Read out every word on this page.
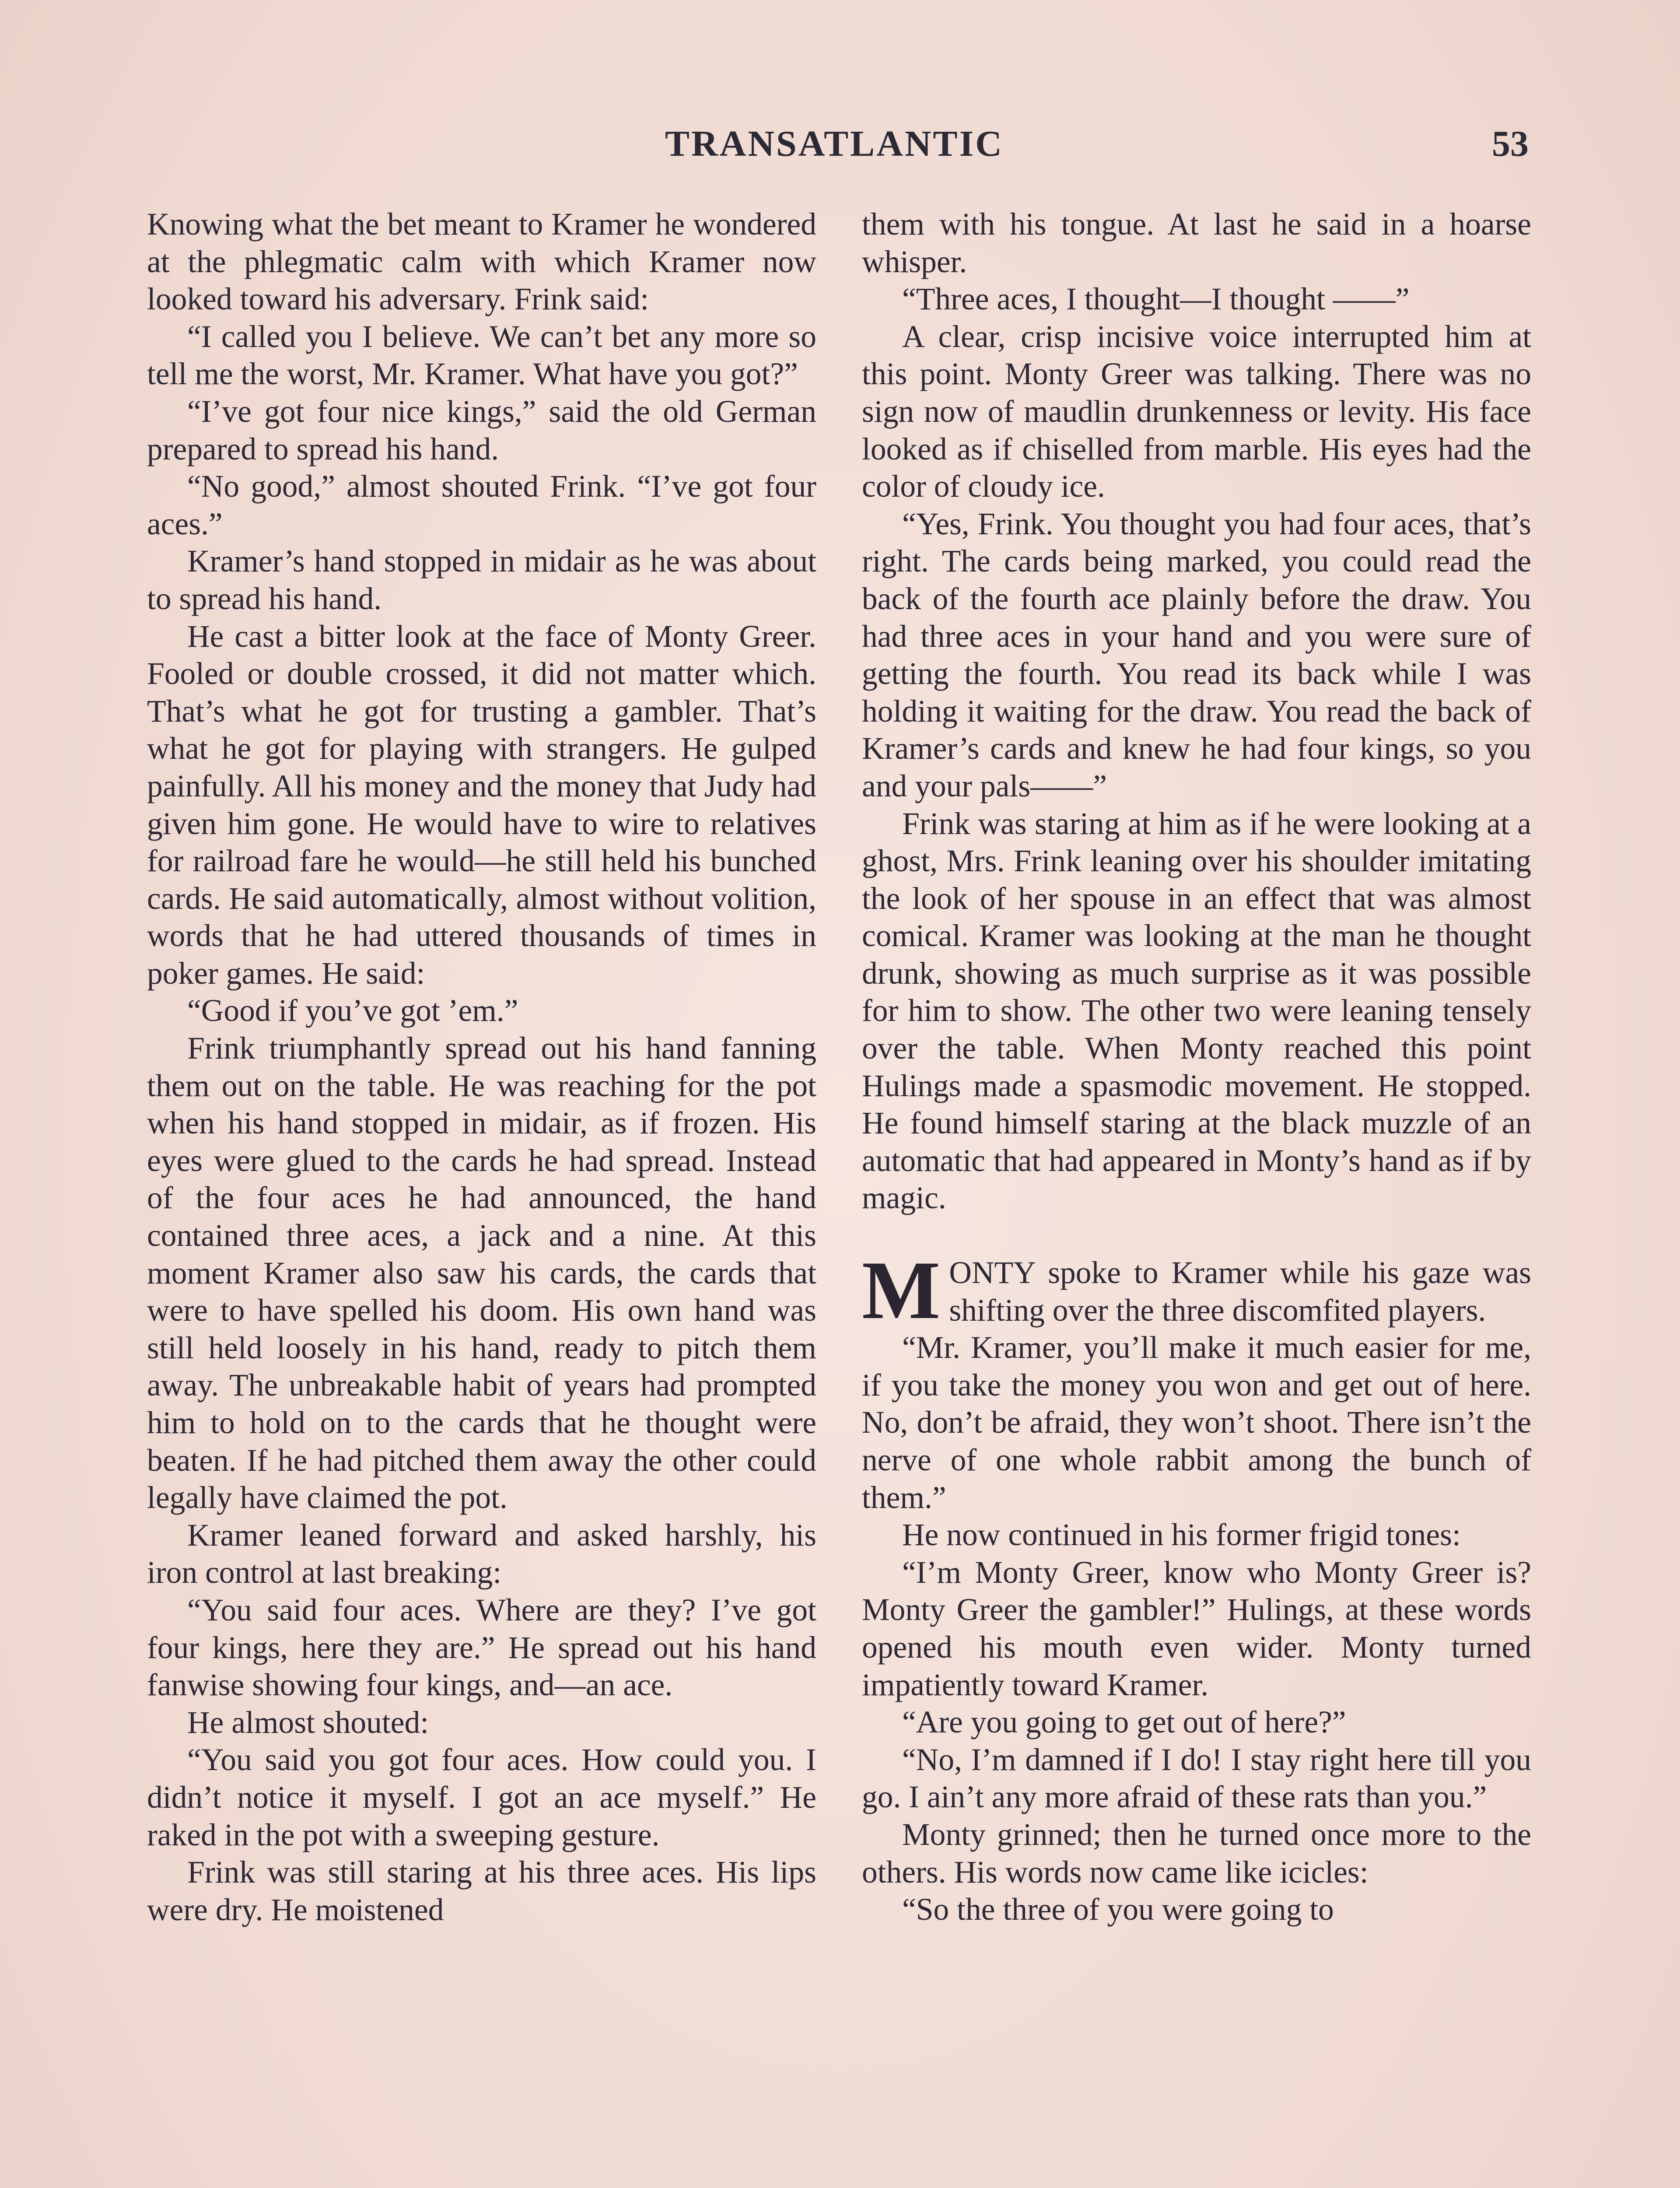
TRANSATLANTIC	53

Knowing what the bet meant to Kramer he wondered at the phlegmatic calm with which Kramer now looked toward his adversary. Frink said:

“I called you I believe. We can’t bet any more so tell me the worst, Mr. Kramer. What have you got?”

“I’ve got four nice kings,” said the old German prepared to spread his hand.

“No good,” almost shouted Frink. “I’ve got four aces.”

Kramer’s hand stopped in midair as he was about to spread his hand.

He cast a bitter look at the face of Monty Greer. Fooled or double crossed, it did not matter which. That’s what he got for trusting a gambler. That’s what he got for playing with strangers. He gulped painfully. All his money and the money that Judy had given him gone. He would have to wire to relatives for railroad fare he would—he still held his bunched cards. He said automatically, almost without volition, words that he had uttered thousands of times in poker games. He said:

“Good if you’ve got ’em.”

Frink triumphantly spread out his hand fanning them out on the table. He was reaching for the pot when his hand stopped in midair, as if frozen. His eyes were glued to the cards he had spread. Instead of the four aces he had announced, the hand contained three aces, a jack and a nine. At this moment Kramer also saw his cards, the cards that were to have spelled his doom. His own hand was still held loosely in his hand, ready to pitch them away. The unbreakable habit of years had prompted him to hold on to the cards that he thought were beaten. If he had pitched them away the other could legally have claimed the pot.

Kramer leaned forward and asked harshly, his iron control at last breaking:

“You said four aces. Where are they? I’ve got four kings, here they are.” He spread out his hand fanwise showing four kings, and—an ace.

He almost shouted:

“You said you got four aces. How could you. I didn’t notice it myself. I got an ace myself.” He raked in the pot with a sweeping gesture.

Frink was still staring at his three aces. His lips were dry. He moistened

them with his tongue. At last he said in a hoarse whisper.

“Three aces, I thought—I thought ——”

A clear, crisp incisive voice interrupted him at this point. Monty Greer was talking. There was no sign now of maudlin drunkenness or levity. His face looked as if chiselled from marble. His eyes had the color of cloudy ice.

“Yes, Frink. You thought you had four aces, that’s right. The cards being marked, you could read the back of the fourth ace plainly before the draw. You had three aces in your hand and you were sure of getting the fourth. You read its back while I was holding it waiting for the draw. You read the back of Kramer’s cards and knew he had four kings, so you and your pals——”

Frink was staring at him as if he were looking at a ghost, Mrs. Frink leaning over his shoulder imitating the look of her spouse in an effect that was almost comical. Kramer was looking at the man he thought drunk, showing as much surprise as it was possible for him to show. The other two were leaning tensely over the table. When Monty reached this point Hulings made a spasmodic movement. He stopped. He found himself staring at the black muzzle of an automatic that had appeared in Monty’s hand as if by magic.

MONTY spoke to Kramer while his gaze was shifting over the three discomfited players.

“Mr. Kramer, you’ll make it much easier for me, if you take the money you won and get out of here. No, don’t be afraid, they won’t shoot. There isn’t the nerve of one whole rabbit among the bunch of them.”

He now continued in his former frigid tones:

“I’m Monty Greer, know who Monty Greer is? Monty Greer the gambler!” Hulings, at these words opened his mouth even wider. Monty turned impatiently toward Kramer.

“Are you going to get out of here?”

“No, I’m damned if I do! I stay right here till you go. I ain’t any more afraid of these rats than you.”

Monty grinned; then he turned once more to the others. His words now came like icicles:

“So the three of you were going to
